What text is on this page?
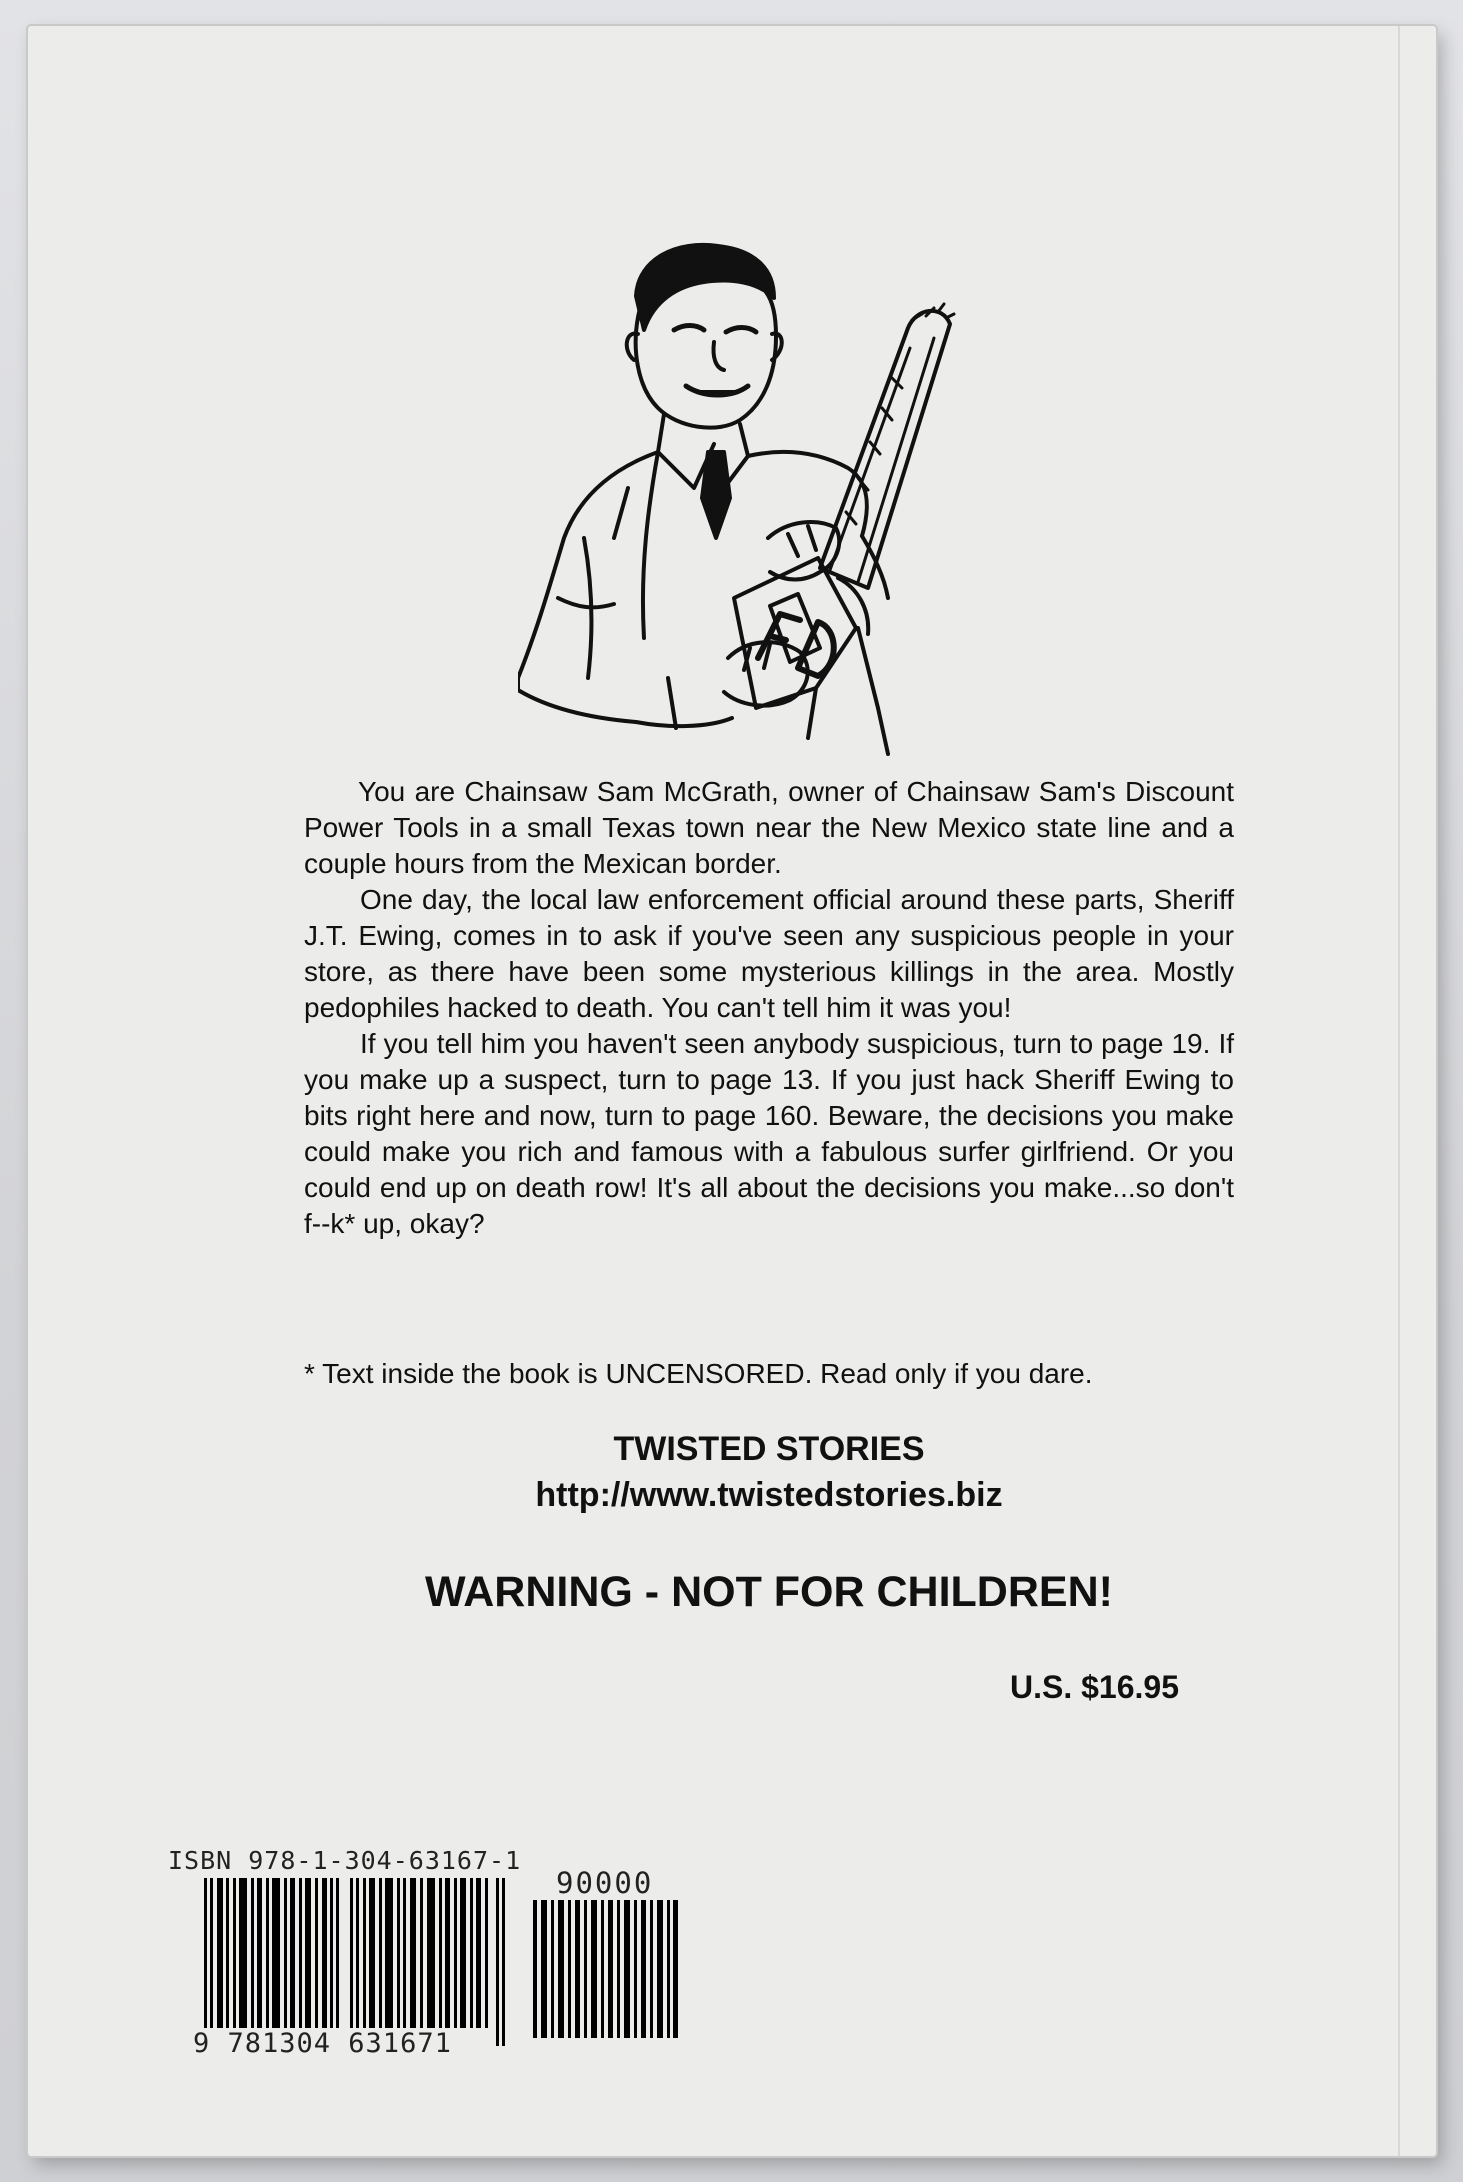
You are Chainsaw Sam McGrath, owner of Chainsaw Sam's Discount Power Tools in a small Texas town near the New Mexico state line and a couple hours from the Mexican border.

One day, the local law enforcement official around these parts, Sheriff J.T. Ewing, comes in to ask if you've seen any suspicious people in your store, as there have been some mysterious killings in the area. Mostly pedophiles hacked to death. You can't tell him it was you!

If you tell him you haven't seen anybody suspicious, turn to page 19. If you make up a suspect, turn to page 13. If you just hack Sheriff Ewing to bits right here and now, turn to page 160. Beware, the decisions you make could make you rich and famous with a fabulous surfer girlfriend. Or you could end up on death row! It's all about the decisions you make...so don't f--k* up, okay?

* Text inside the book is UNCENSORED. Read only if you dare.
TWISTED STORIES
http://www.twistedstories.biz
WARNING - NOT FOR CHILDREN!
U.S. $16.95
ISBN 978-1-304-63167-1
90000
9 781304 631671
